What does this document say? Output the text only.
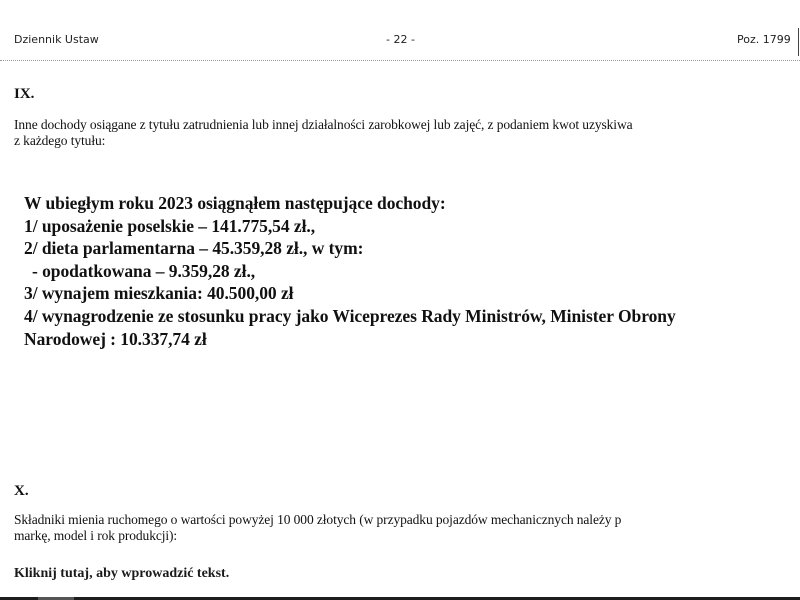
Dziennik Ustaw	- 22 -	Poz. 1799
IX.
Inne dochody osiągane z tytułu zatrudnienia lub innej działalności zarobkowej lub zajęć, z podaniem kwot uzyskiwa
z każdego tytułu:
W ubiegłym roku 2023 osiągnąłem następujące dochody:
1/ uposażenie poselskie – 141.775,54 zł.,
2/ dieta parlamentarna – 45.359,28 zł., w tym:
- opodatkowana – 9.359,28 zł.,
3/ wynajem mieszkania: 40.500,00 zł
4/ wynagrodzenie ze stosunku pracy jako Wiceprezes Rady Ministrów, Minister Obrony
Narodowej : 10.337,74 zł
X.
Składniki mienia ruchomego o wartości powyżej 10 000 złotych (w przypadku pojazdów mechanicznych należy p
markę, model i rok produkcji):
Kliknij tutaj, aby wprowadzić tekst.
